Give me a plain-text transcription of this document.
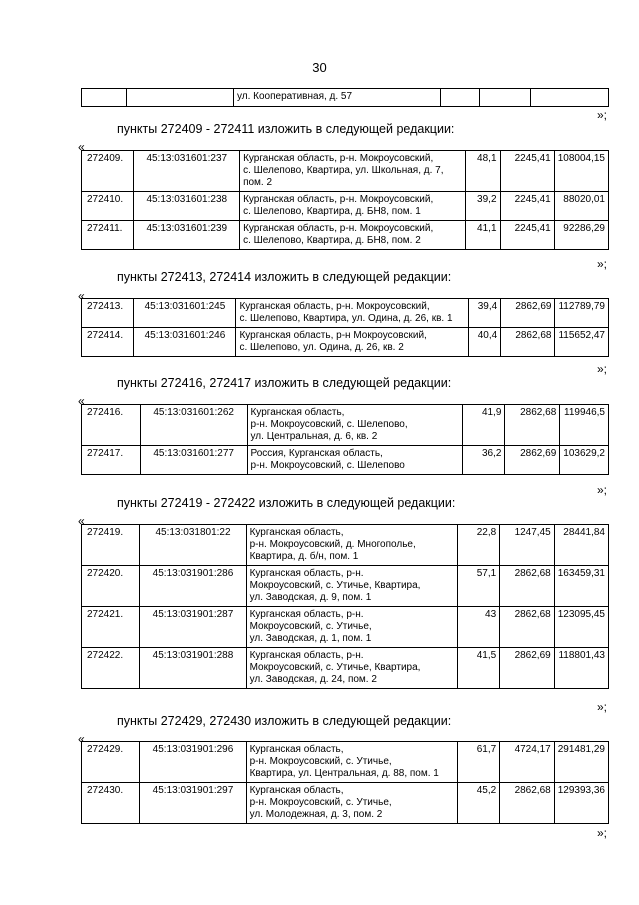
30
		ул. Кооперативная, д. 57			
»;
пункты 272409 - 272411 изложить в следующей редакции:
«
272409.	45:13:031601:237	Курганская область, р-н. Мокроусовский,
с. Шелепово, Квартира, ул. Школьная, д. 7,
пом. 2	48,1	2245,41	108004,15
272410.	45:13:031601:238	Курганская область, р-н. Мокроусовский,
с. Шелепово, Квартира, д. БН8, пом. 1	39,2	2245,41	88020,01
272411.	45:13:031601:239	Курганская область, р-н. Мокроусовский,
с. Шелепово, Квартира, д. БН8, пом. 2	41,1	2245,41	92286,29
»;
пункты 272413, 272414 изложить в следующей редакции:
«
272413.	45:13:031601:245	Курганская область, р-н. Мокроусовский,
с. Шелепово, Квартира, ул. Одина, д. 26, кв. 1	39,4	2862,69	112789,79
272414.	45:13:031601:246	Курганская область, р-н Мокроусовский,
с. Шелепово, ул. Одина, д. 26, кв. 2	40,4	2862,68	115652,47
»;
пункты 272416, 272417 изложить в следующей редакции:
«
272416.	45:13:031601:262	Курганская область,
р-н. Мокроусовский, с. Шелепово,
ул. Центральная, д. 6, кв. 2	41,9	2862,68	119946,5
272417.	45:13:031601:277	Россия, Курганская область,
р-н. Мокроусовский, с. Шелепово	36,2	2862,69	103629,2
»;
пункты 272419 - 272422 изложить в следующей редакции:
«
272419.	45:13:031801:22	Курганская область,
р-н. Мокроусовский, д. Многополье,
Квартира, д. б/н, пом. 1	22,8	1247,45	28441,84
272420.	45:13:031901:286	Курганская область, р-н.
Мокроусовский, с. Утичье, Квартира,
ул. Заводская, д. 9, пом. 1	57,1	2862,68	163459,31
272421.	45:13:031901:287	Курганская область, р-н.
Мокроусовский, с. Утичье,
ул. Заводская, д. 1, пом. 1	43	2862,68	123095,45
272422.	45:13:031901:288	Курганская область, р-н.
Мокроусовский, с. Утичье, Квартира,
ул. Заводская, д. 24, пом. 2	41,5	2862,69	118801,43
»;
пункты 272429, 272430 изложить в следующей редакции:
«
272429.	45:13:031901:296	Курганская область,
р-н. Мокроусовский, с. Утичье,
Квартира, ул. Центральная, д. 88, пом. 1	61,7	4724,17	291481,29
272430.	45:13:031901:297	Курганская область,
р-н. Мокроусовский, с. Утичье,
ул. Молодежная, д. 3, пом. 2	45,2	2862,68	129393,36
»;
